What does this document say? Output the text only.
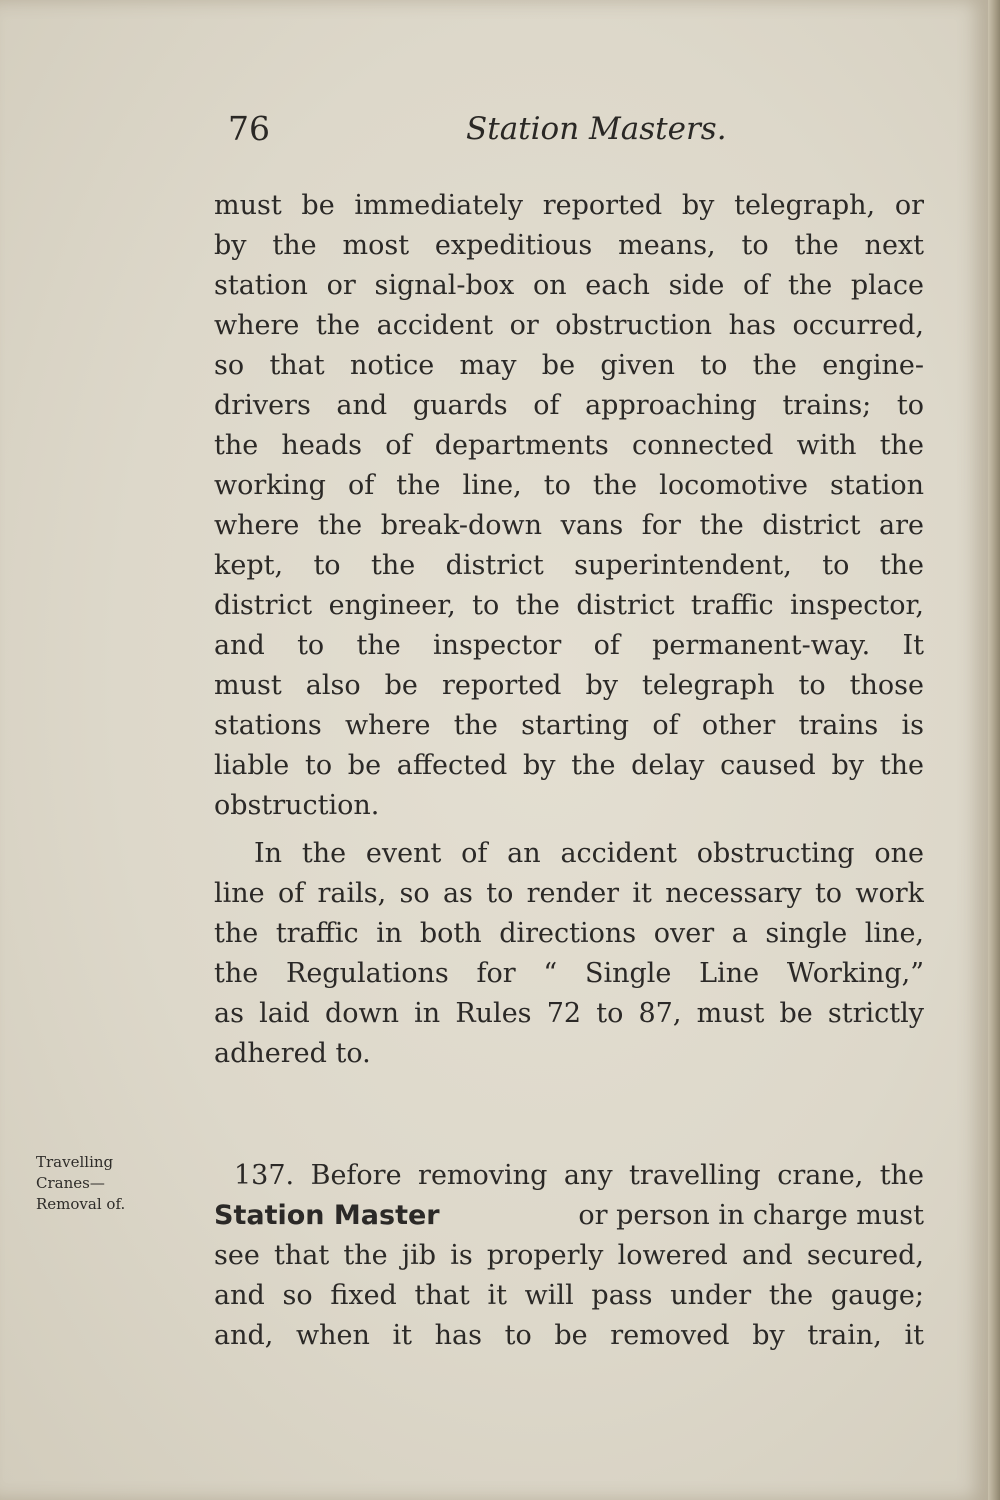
76	Station Masters.
must be immediately reported by telegraph, or
by the most expeditious means, to the next
station or signal-box on each side of the place
where the accident or obstruction has occurred,
so that notice may be given to the engine-
drivers and guards of approaching trains; to
the heads of departments connected with the
working of the line, to the locomotive station
where the break-down vans for the district are
kept, to the district superintendent, to the
district engineer, to the district traffic inspector,
and to the inspector of permanent-way. It
must also be reported by telegraph to those
stations where the starting of other trains is
liable to be affected by the delay caused by the
obstruction.
In the event of an accident obstructing one
line of rails, so as to render it necessary to work
the traffic in both directions over a single line,
the Regulations for “ Single Line Working,”
as laid down in Rules 72 to 87, must be strictly
adhered to.
Travelling
Cranes—
Removal of.
137. Before removing any travelling crane, the
Station Master	or person in charge must
see that the jib is properly lowered and secured,
and so fixed that it will pass under the gauge;
and, when it has to be removed by train, it
